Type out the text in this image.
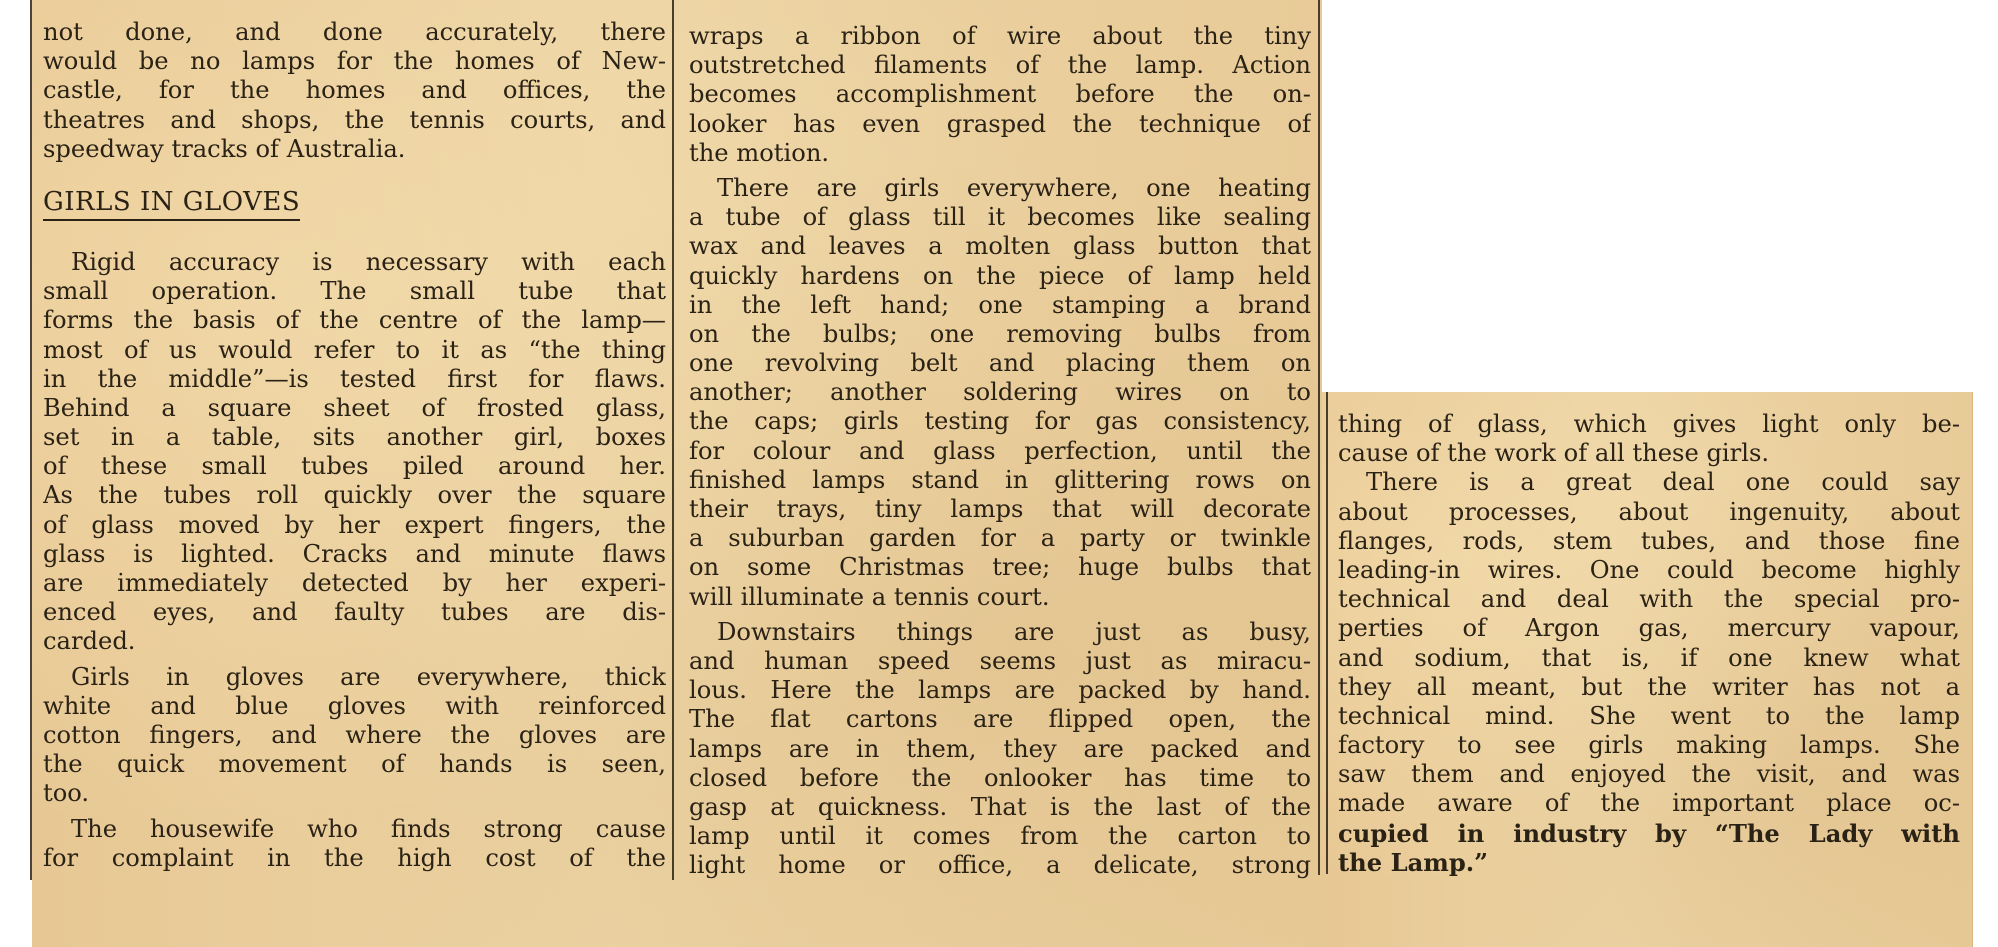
not done, and done accurately, there
would be no lamps for the homes of New-
castle, for the homes and offices, the
theatres and shops, the tennis courts, and
speedway tracks of Australia.
GIRLS IN GLOVES
Rigid accuracy is necessary with each
small operation. The small tube that
forms the basis of the centre of the lamp—
most of us would refer to it as “the thing
in the middle”—is tested first for flaws.
Behind a square sheet of frosted glass,
set in a table, sits another girl, boxes
of these small tubes piled around her.
As the tubes roll quickly over the square
of glass moved by her expert fingers, the
glass is lighted. Cracks and minute flaws
are immediately detected by her experi-
enced eyes, and faulty tubes are dis-
carded.
Girls in gloves are everywhere, thick
white and blue gloves with reinforced
cotton fingers, and where the gloves are
the quick movement of hands is seen,
too.
The housewife who finds strong cause
for complaint in the high cost of the
wraps a ribbon of wire about the tiny
outstretched filaments of the lamp. Action
becomes accomplishment before the on-
looker has even grasped the technique of
the motion.
There are girls everywhere, one heating
a tube of glass till it becomes like sealing
wax and leaves a molten glass button that
quickly hardens on the piece of lamp held
in the left hand; one stamping a brand
on the bulbs; one removing bulbs from
one revolving belt and placing them on
another; another soldering wires on to
the caps; girls testing for gas consistency,
for colour and glass perfection, until the
finished lamps stand in glittering rows on
their trays, tiny lamps that will decorate
a suburban garden for a party or twinkle
on some Christmas tree; huge bulbs that
will illuminate a tennis court.
Downstairs things are just as busy,
and human speed seems just as miracu-
lous. Here the lamps are packed by hand.
The flat cartons are flipped open, the
lamps are in them, they are packed and
closed before the onlooker has time to
gasp at quickness. That is the last of the
lamp until it comes from the carton to
light home or office, a delicate, strong
thing of glass, which gives light only be-
cause of the work of all these girls.
There is a great deal one could say
about processes, about ingenuity, about
flanges, rods, stem tubes, and those fine
leading-in wires. One could become highly
technical and deal with the special pro-
perties of Argon gas, mercury vapour,
and sodium, that is, if one knew what
they all meant, but the writer has not a
technical mind. She went to the lamp
factory to see girls making lamps. She
saw them and enjoyed the visit, and was
made aware of the important place oc-
cupied in industry by “The Lady with
the Lamp.”
